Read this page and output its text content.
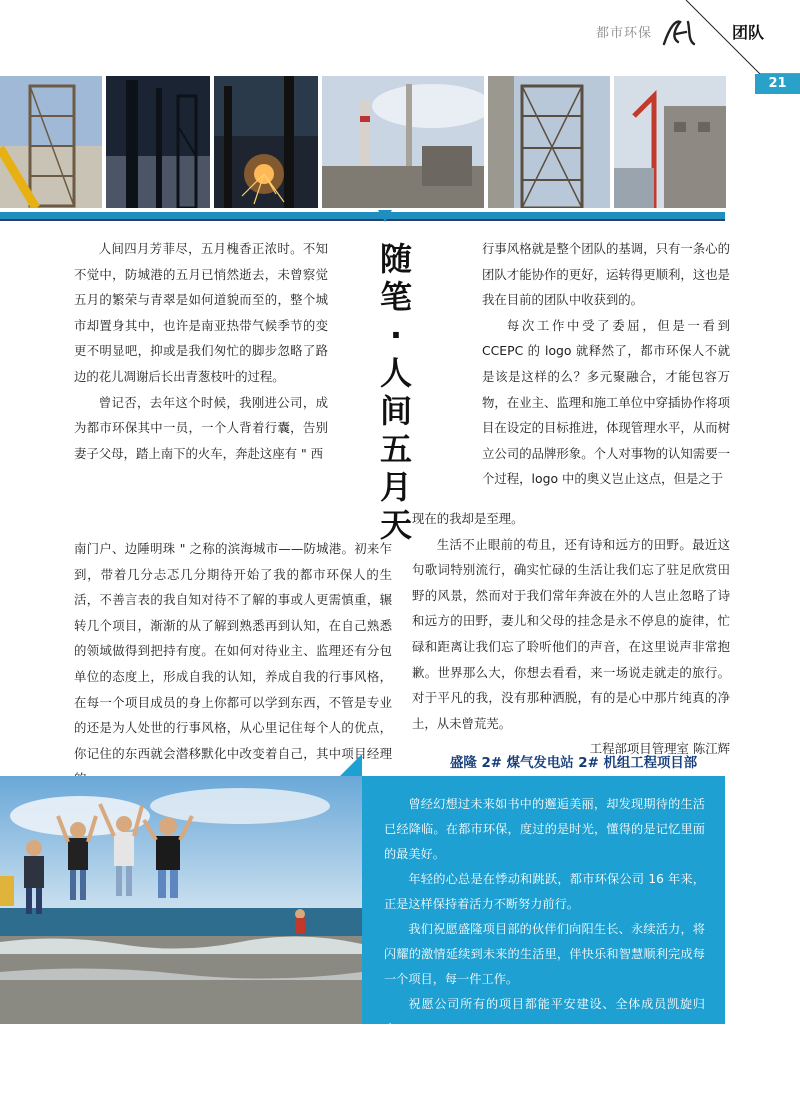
都市环保	团队
21
随
笔
·
人
间
五
月
天

人间四月芳菲尽，五月槐香正浓时。不知不觉中，防城港的五月已悄然逝去，未曾察觉五月的繁荣与青翠是如何道貌而至的，整个城市却置身其中，也许是南亚热带气候季节的变更不明显吧，抑或是我们匆忙的脚步忽略了路边的花儿凋谢后长出青葱枝叶的过程。

曾记否，去年这个时候，我刚进公司，成为都市环保其中一员，一个人背着行囊，告别妻子父母，踏上南下的火车，奔赴这座有 " 西

行事风格就是整个团队的基调，只有一条心的团队才能协作的更好，运转得更顺利，这也是我在目前的团队中收获到的。

每次工作中受了委屈，但是一看到CCEPC 的 logo 就释然了，都市环保人不就是该是这样的么？多元聚融合，才能包容万物，在业主、监理和施工单位中穿插协作将项目在设定的目标推进，体现管理水平，从而树立公司的品牌形象。个人对事物的认知需要一个过程，logo 中的奥义岂止这点，但是之于

南门户、边陲明珠 " 之称的滨海城市——防城港。初来乍到，带着几分忐忑几分期待开始了我的都市环保人的生活，不善言表的我自知对待不了解的事或人更需慎重，辗转几个项目，渐渐的从了解到熟悉再到认知，在自己熟悉的领域做得到把持有度。在如何对待业主、监理还有分包单位的态度上，形成自我的认知，养成自我的行事风格，在每一个项目成员的身上你都可以学到东西，不管是专业的还是为人处世的行事风格，从心里记住每个人的优点，你记住的东西就会潜移默化中改变着自己，其中项目经理

现在的我却是至理。

生活不止眼前的苟且，还有诗和远方的田野。最近这句歌词特别流行，确实忙碌的生活让我们忘了驻足欣赏田野的风景，然而对于我们常年奔波在外的人岂止忽略了诗和远方的田野，妻儿和父母的挂念是永不停息的旋律，忙碌和距离让我们忘了聆听他们的声音，在这里说声非常抱歉。世界那么大，你想去看看，来一场说走就走的旅行。对于平凡的我，没有那种洒脱，有的是心中那片纯真的净土，从未曾荒芜。

工程部项目管理室 陈江辉

盛隆 2# 煤气发电站 2# 机组工程项目部

曾经幻想过未来如书中的邂逅美丽，却发现期待的生活已经降临。在都市环保，度过的是时光，懂得的是记忆里面的最美好。

年轻的心总是在悸动和跳跃，都市环保公司 16 年来，正是这样保持着活力不断努力前行。

我们祝愿盛隆项目部的伙伴们向阳生长、永续活力，将闪耀的激情延续到未来的生活里，伴快乐和智慧顺利完成每一个项目，每一件工作。

祝愿公司所有的项目都能平安建设、全体成员凯旋归来。
